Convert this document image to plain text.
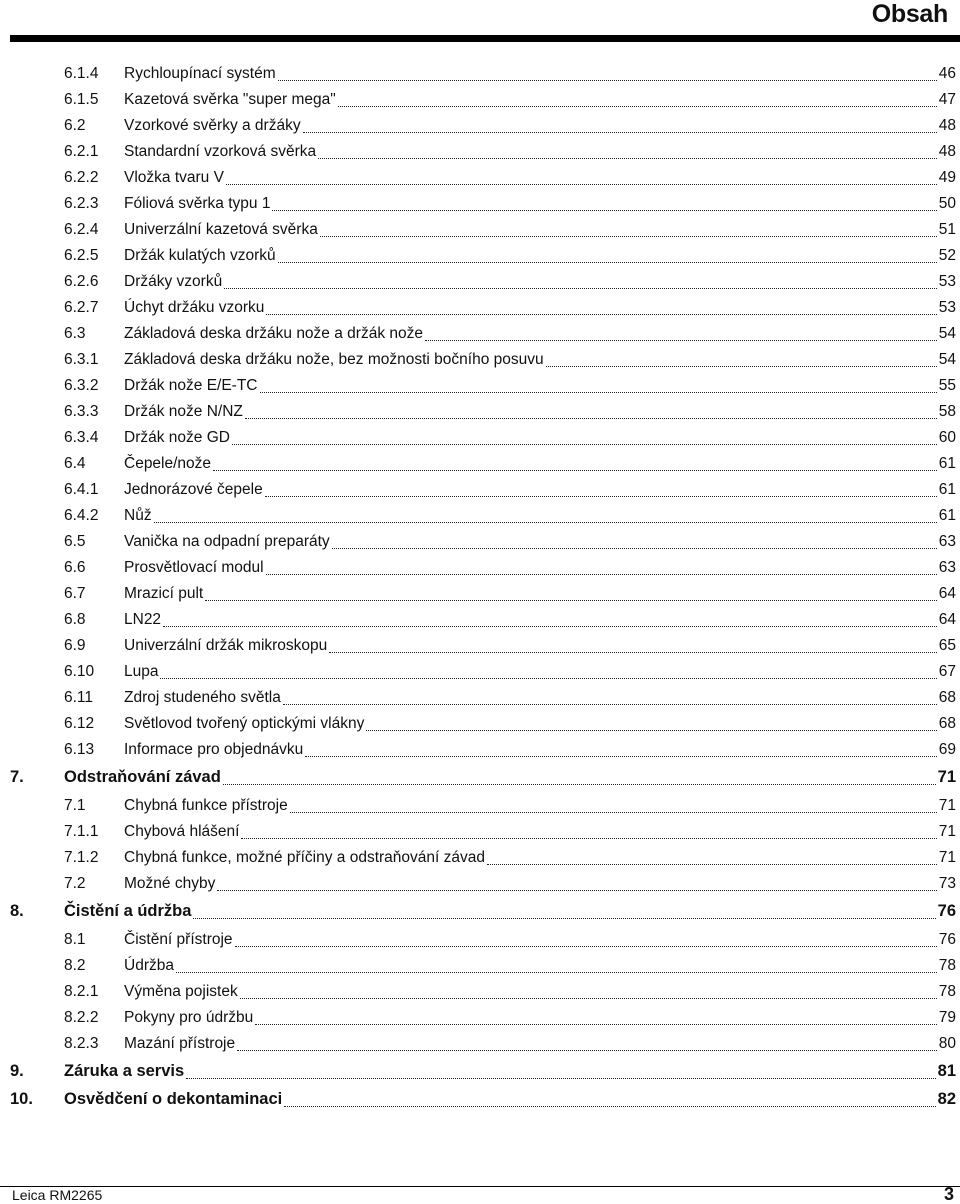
Obsah
6.1.4	Rychloupínací systém	46
6.1.5	Kazetová svěrka "super mega"	47
6.2	Vzorkové svěrky a držáky	48
6.2.1	Standardní vzorková svěrka	48
6.2.2	Vložka tvaru V	49
6.2.3	Fóliová svěrka typu 1	50
6.2.4	Univerzální kazetová svěrka	51
6.2.5	Držák kulatých vzorků	52
6.2.6	Držáky vzorků	53
6.2.7	Úchyt držáku vzorku	53
6.3	Základová deska držáku nože a držák nože	54
6.3.1	Základová deska držáku nože, bez možnosti bočního posuvu	54
6.3.2	Držák nože E/E-TC	55
6.3.3	Držák nože N/NZ	58
6.3.4	Držák nože GD	60
6.4	Čepele/nože	61
6.4.1	Jednorázové čepele	61
6.4.2	Nůž	61
6.5	Vanička na odpadní preparáty	63
6.6	Prosvětlovací modul	63
6.7	Mrazicí pult	64
6.8	LN22	64
6.9	Univerzální držák mikroskopu	65
6.10	Lupa	67
6.11	Zdroj studeného světla	68
6.12	Světlovod tvořený optickými vlákny	68
6.13	Informace pro objednávku	69
7.	Odstraňování závad	71
7.1	Chybná funkce přístroje	71
7.1.1	Chybová hlášení	71
7.1.2	Chybná funkce, možné příčiny a odstraňování závad	71
7.2	Možné chyby	73
8.	Čistění a údržba	76
8.1	Čistění přístroje	76
8.2	Údržba	78
8.2.1	Výměna pojistek	78
8.2.2	Pokyny pro údržbu	79
8.2.3	Mazání přístroje	80
9.	Záruka a servis	81
10.	Osvědčení o dekontaminaci	82
Leica RM2265	3
